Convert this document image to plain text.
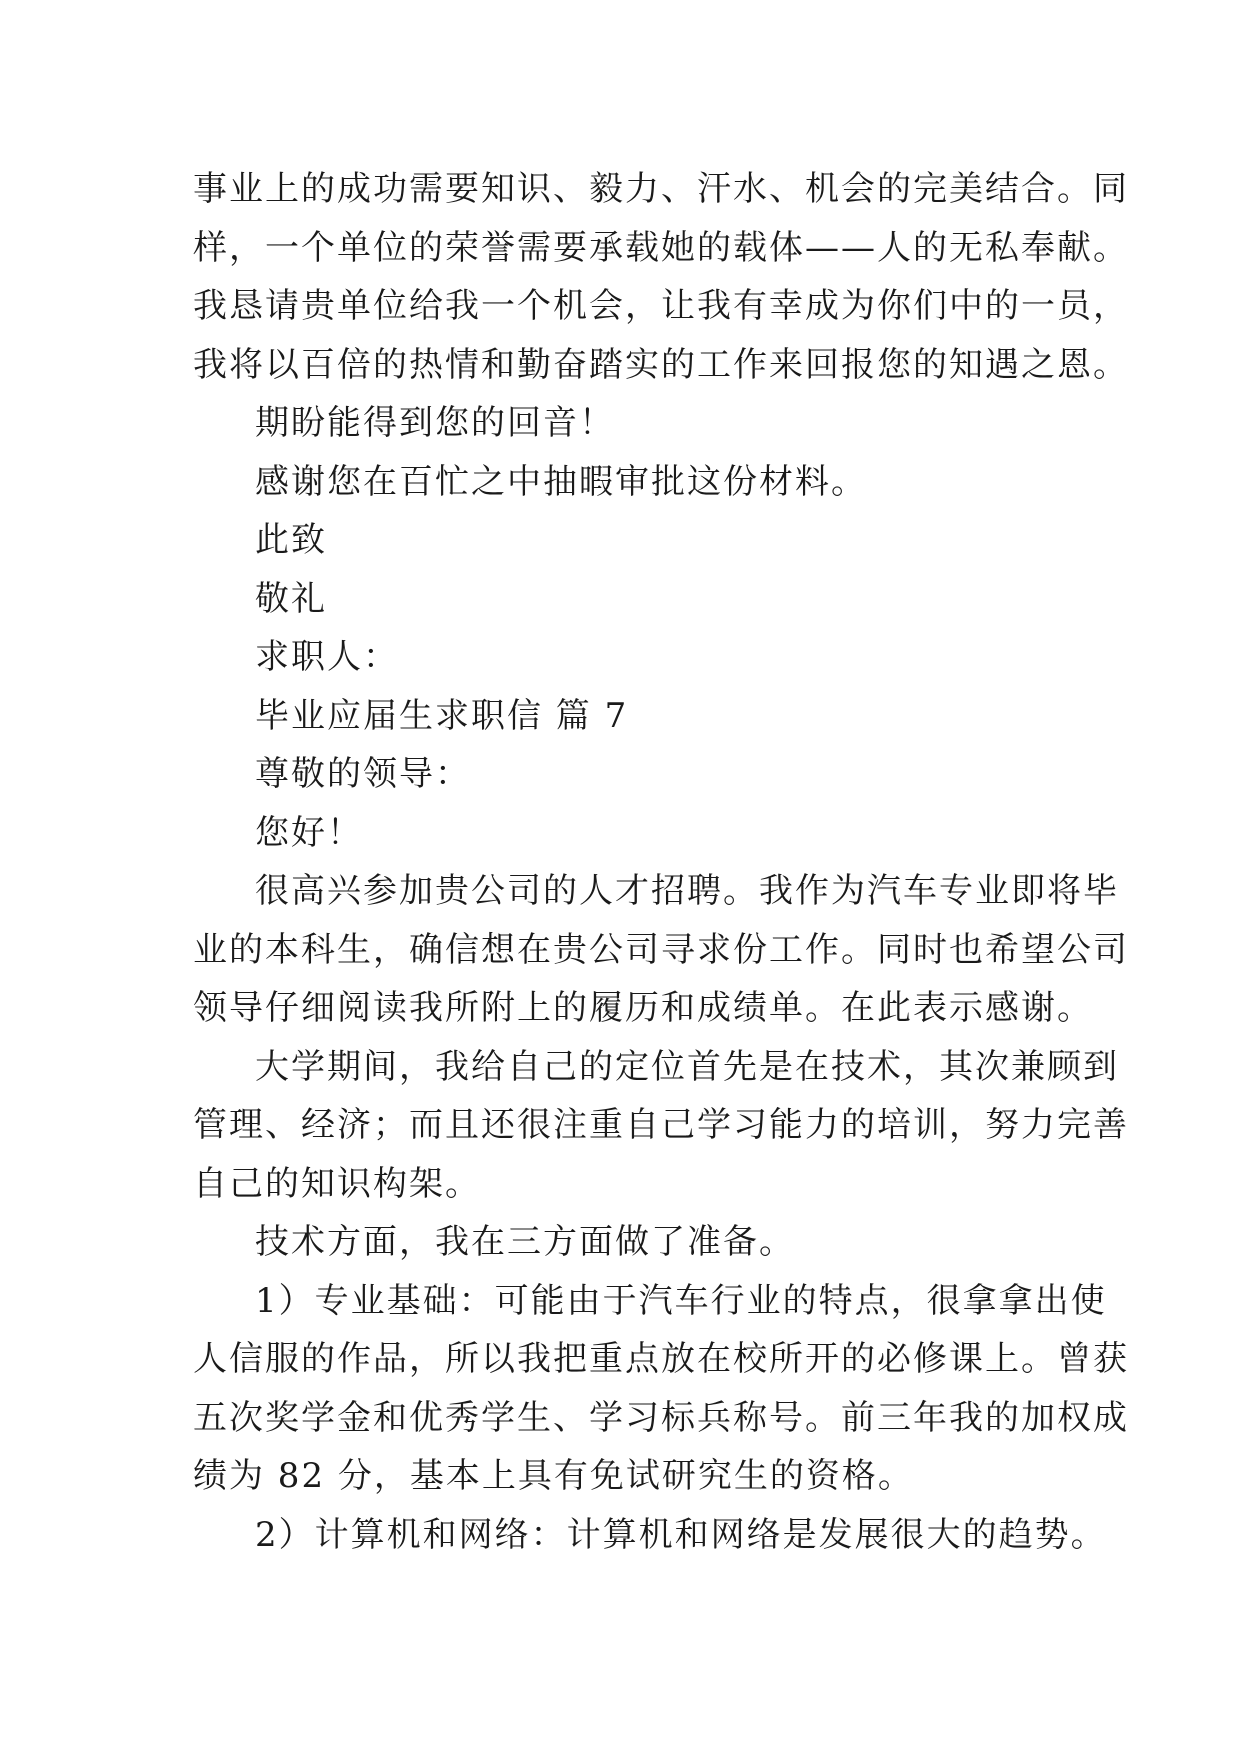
事业上的成功需要知识、毅力、汗水、机会的完美结合。同
样，一个单位的荣誉需要承载她的载体——人的无私奉献。
我恳请贵单位给我一个机会，让我有幸成为你们中的一员，
我将以百倍的热情和勤奋踏实的工作来回报您的知遇之恩。
期盼能得到您的回音！
感谢您在百忙之中抽暇审批这份材料。
此致
敬礼
求职人：
毕业应届生求职信 篇 7
尊敬的领导：
您好！
很高兴参加贵公司的人才招聘。我作为汽车专业即将毕
业的本科生，确信想在贵公司寻求份工作。同时也希望公司
领导仔细阅读我所附上的履历和成绩单。在此表示感谢。
大学期间，我给自己的定位首先是在技术，其次兼顾到
管理、经济；而且还很注重自己学习能力的培训，努力完善
自己的知识构架。
技术方面，我在三方面做了准备。
1）专业基础：可能由于汽车行业的特点，很拿拿出使
人信服的作品，所以我把重点放在校所开的必修课上。曾获
五次奖学金和优秀学生、学习标兵称号。前三年我的加权成
绩为 82 分，基本上具有免试研究生的资格。
2）计算机和网络：计算机和网络是发展很大的趋势。
